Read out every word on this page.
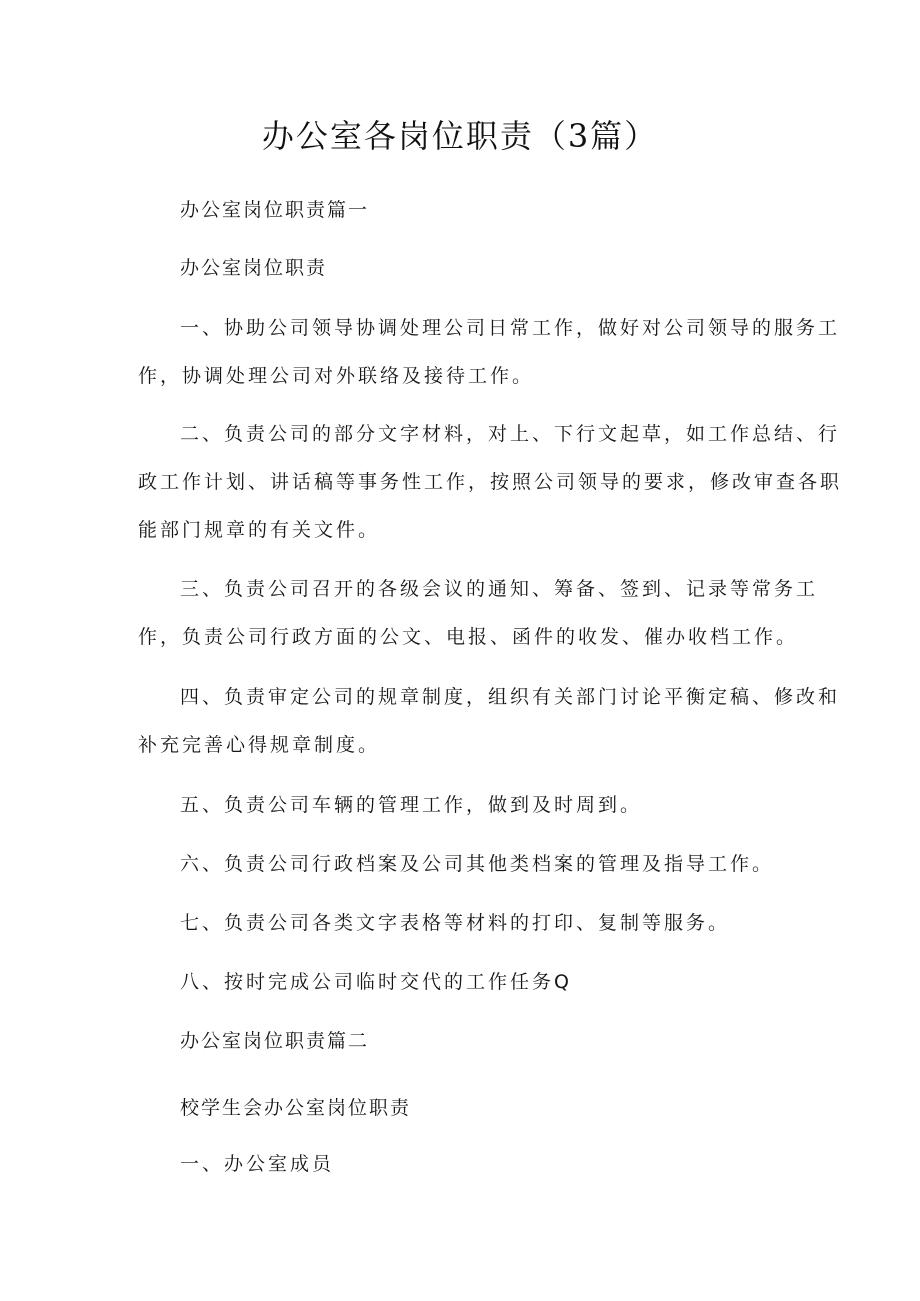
办公室各岗位职责（3篇）

办公室岗位职责篇一

办公室岗位职责

一、协助公司领导协调处理公司日常工作，做好对公司领导的服务工

作，协调处理公司对外联络及接待工作。

二、负责公司的部分文字材料，对上、下行文起草，如工作总结、行

政工作计划、讲话稿等事务性工作，按照公司领导的要求，修改审查各职

能部门规章的有关文件。

三、负责公司召开的各级会议的通知、筹备、签到、记录等常务工

作，负责公司行政方面的公文、电报、函件的收发、催办收档工作。

四、负责审定公司的规章制度，组织有关部门讨论平衡定稿、修改和

补充完善心得规章制度。

五、负责公司车辆的管理工作，做到及时周到。

六、负责公司行政档案及公司其他类档案的管理及指导工作。

七、负责公司各类文字表格等材料的打印、复制等服务。

八、按时完成公司临时交代的工作任务Q

办公室岗位职责篇二

校学生会办公室岗位职责

一、办公室成员
